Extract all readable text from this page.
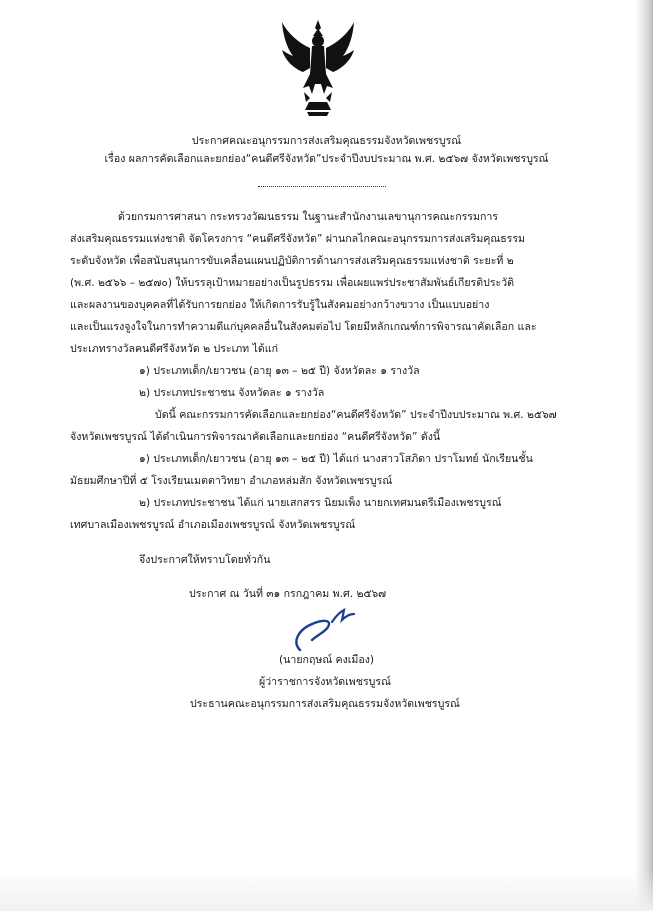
ประกาศคณะอนุกรรมการส่งเสริมคุณธรรมจังหวัดเพชรบูรณ์
เรื่อง ผลการคัดเลือกและยกย่อง“คนดีศรีจังหวัด”ประจำปีงบประมาณ พ.ศ. ๒๕๖๗ จังหวัดเพชรบูรณ์
ด้วยกรมการศาสนา กระทรวงวัฒนธรรม ในฐานะสำนักงานเลขานุการคณะกรรมการ
ส่งเสริมคุณธรรมแห่งชาติ จัดโครงการ “คนดีศรีจังหวัด” ผ่านกลไกคณะอนุกรรมการส่งเสริมคุณธรรม
ระดับจังหวัด เพื่อสนับสนุนการขับเคลื่อนแผนปฏิบัติการด้านการส่งเสริมคุณธรรมแห่งชาติ ระยะที่ ๒
(พ.ศ. ๒๕๖๖ – ๒๕๗๐) ให้บรรลุเป้าหมายอย่างเป็นรูปธรรม เพื่อเผยแพร่ประชาสัมพันธ์เกียรติประวัติ
และผลงานของบุคคลที่ได้รับการยกย่อง ให้เกิดการรับรู้ในสังคมอย่างกว้างขวาง เป็นแบบอย่าง
และเป็นแรงจูงใจในการทำความดีแก่บุคคลอื่นในสังคมต่อไป โดยมีหลักเกณฑ์การพิจารณาคัดเลือก และ
ประเภทรางวัลคนดีศรีจังหวัด ๒ ประเภท ได้แก่
๑) ประเภทเด็ก/เยาวชน (อายุ ๑๓ – ๒๕ ปี) จังหวัดละ ๑ รางวัล
๒) ประเภทประชาชน จังหวัดละ ๑ รางวัล
บัดนี้ คณะกรรมการคัดเลือกและยกย่อง“คนดีศรีจังหวัด” ประจำปีงบประมาณ พ.ศ. ๒๕๖๗
จังหวัดเพชรบูรณ์ ได้ดำเนินการพิจารณาคัดเลือกและยกย่อง “คนดีศรีจังหวัด” ดังนี้
๑) ประเภทเด็ก/เยาวชน (อายุ ๑๓ – ๒๕ ปี) ได้แก่ นางสาวโสภิดา ปราโมทย์ นักเรียนชั้น
มัธยมศึกษาปีที่ ๕ โรงเรียนเมตตาวิทยา อำเภอหล่มสัก จังหวัดเพชรบูรณ์
๒) ประเภทประชาชน ได้แก่ นายเสกสรร นิยมเพ็ง นายกเทศมนตรีเมืองเพชรบูรณ์
เทศบาลเมืองเพชรบูรณ์ อำเภอเมืองเพชรบูรณ์ จังหวัดเพชรบูรณ์
จึงประกาศให้ทราบโดยทั่วกัน
ประกาศ ณ วันที่ ๓๑ กรกฎาคม พ.ศ. ๒๕๖๗
(นายกฤษณ์ คงเมือง)
ผู้ว่าราชการจังหวัดเพชรบูรณ์
ประธานคณะอนุกรรมการส่งเสริมคุณธรรมจังหวัดเพชรบูรณ์
